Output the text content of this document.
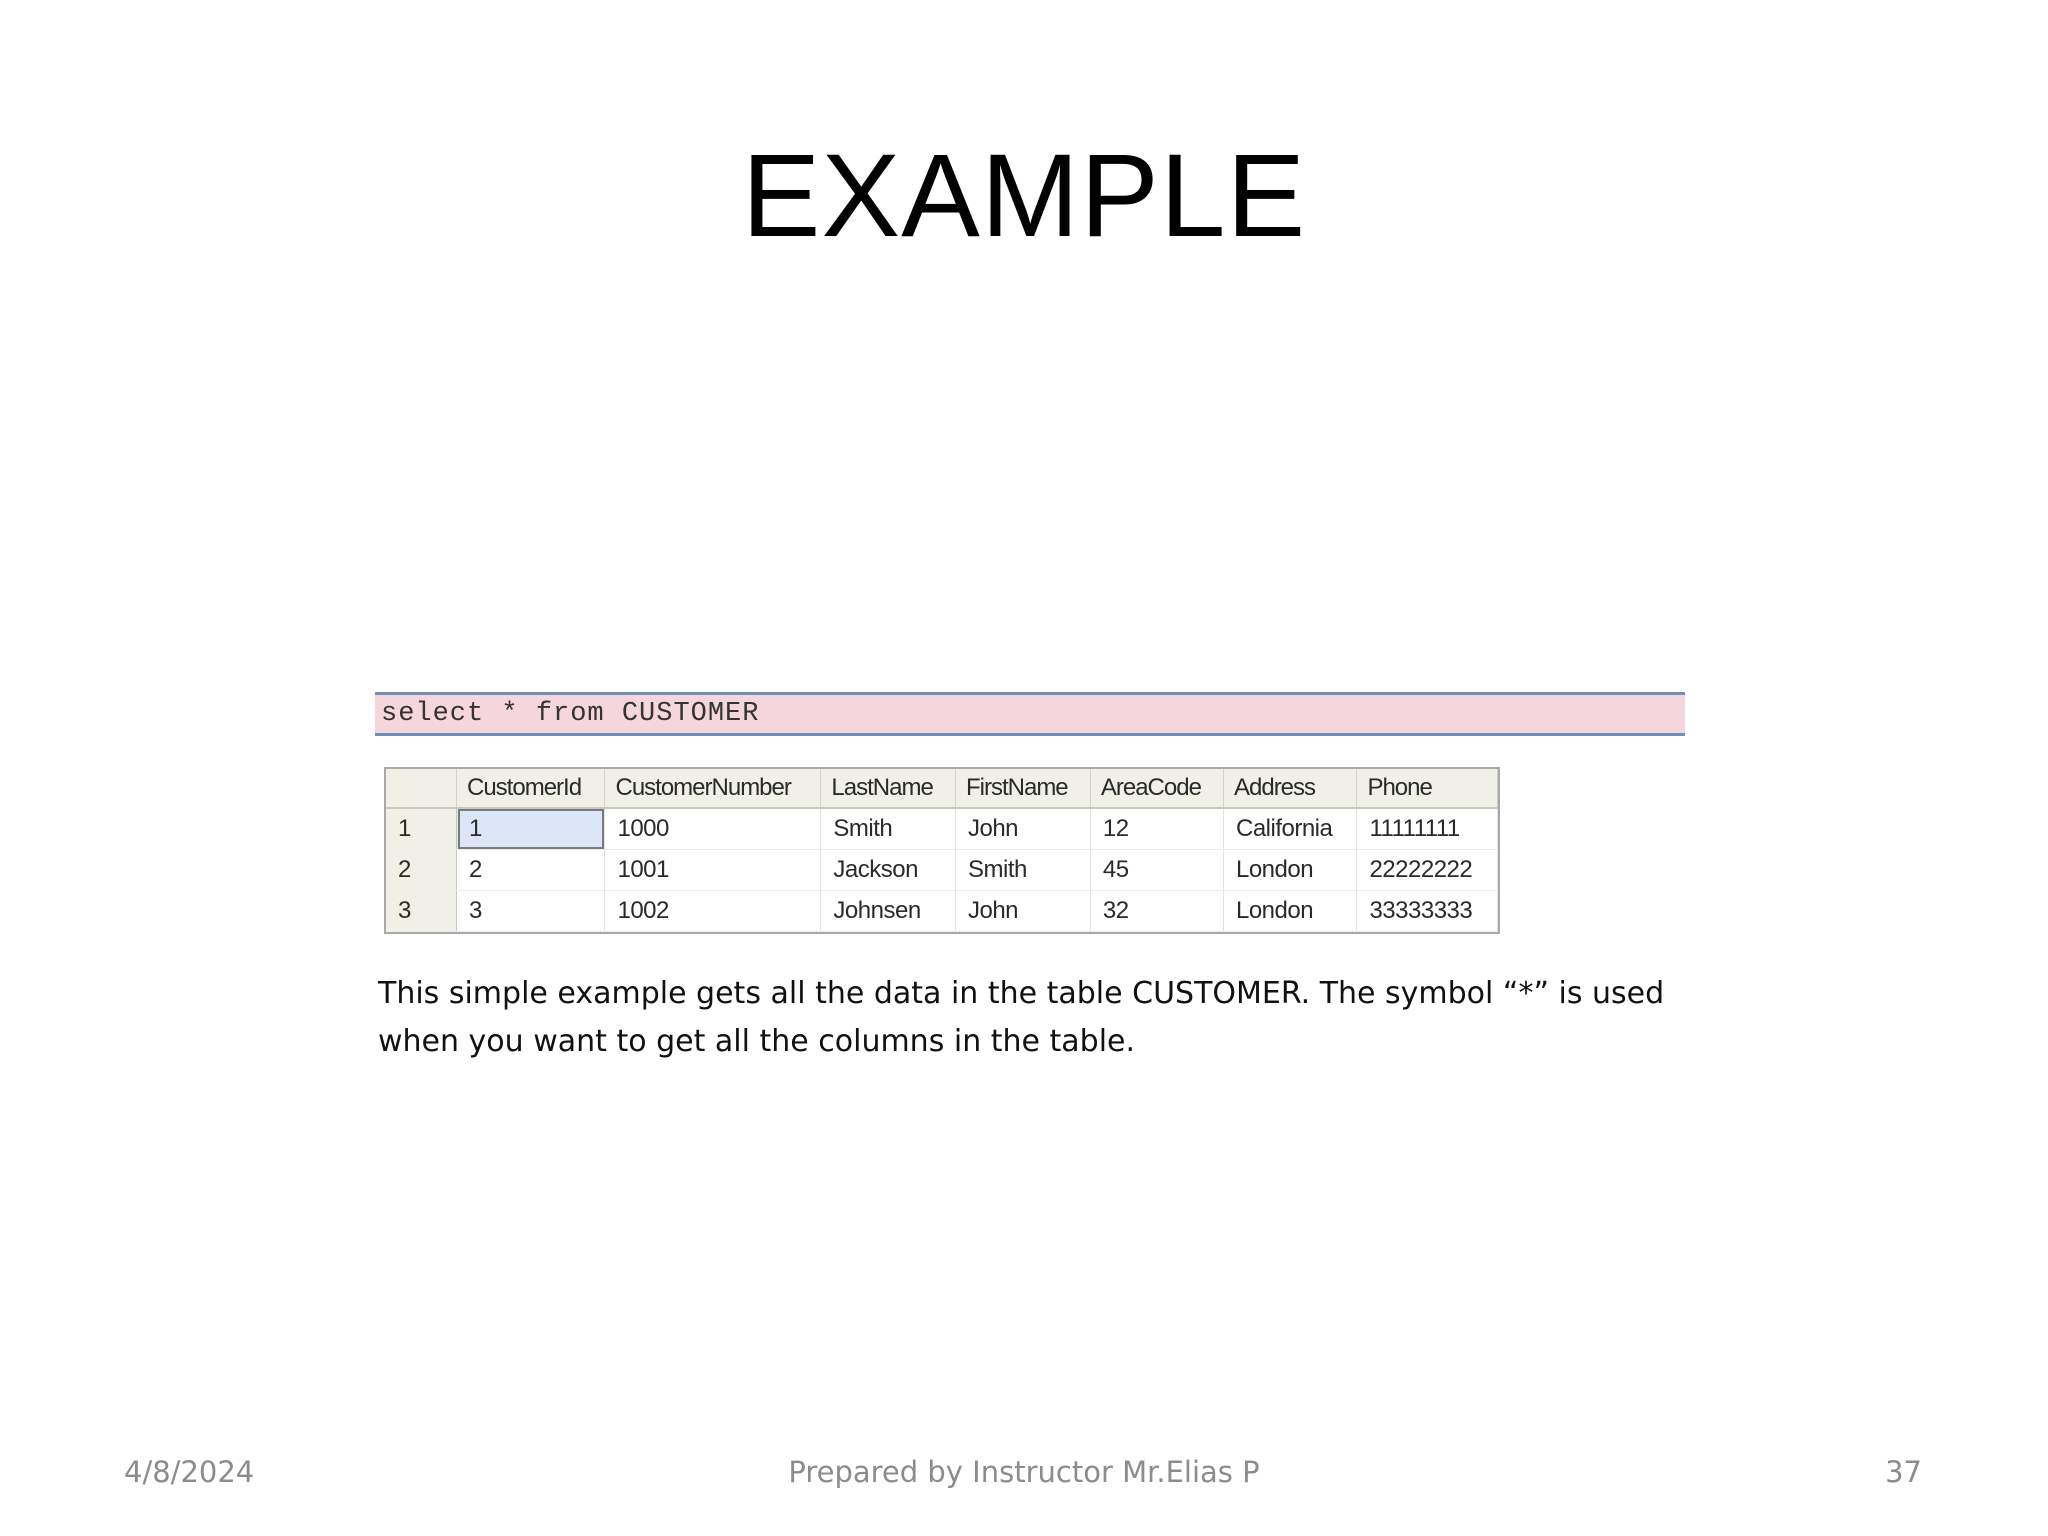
EXAMPLE
select * from CUSTOMER
	CustomerId	CustomerNumber	LastName	FirstName	AreaCode	Address	Phone
1	1	1000	Smith	John	12	California	11111111
2	2	1001	Jackson	Smith	45	London	22222222
3	3	1002	Johnsen	John	32	London	33333333
This simple example gets all the data in the table CUSTOMER. The symbol “*” is used when you want to get all the columns in the table.
4/8/2024	Prepared by Instructor Mr.Elias P	37
